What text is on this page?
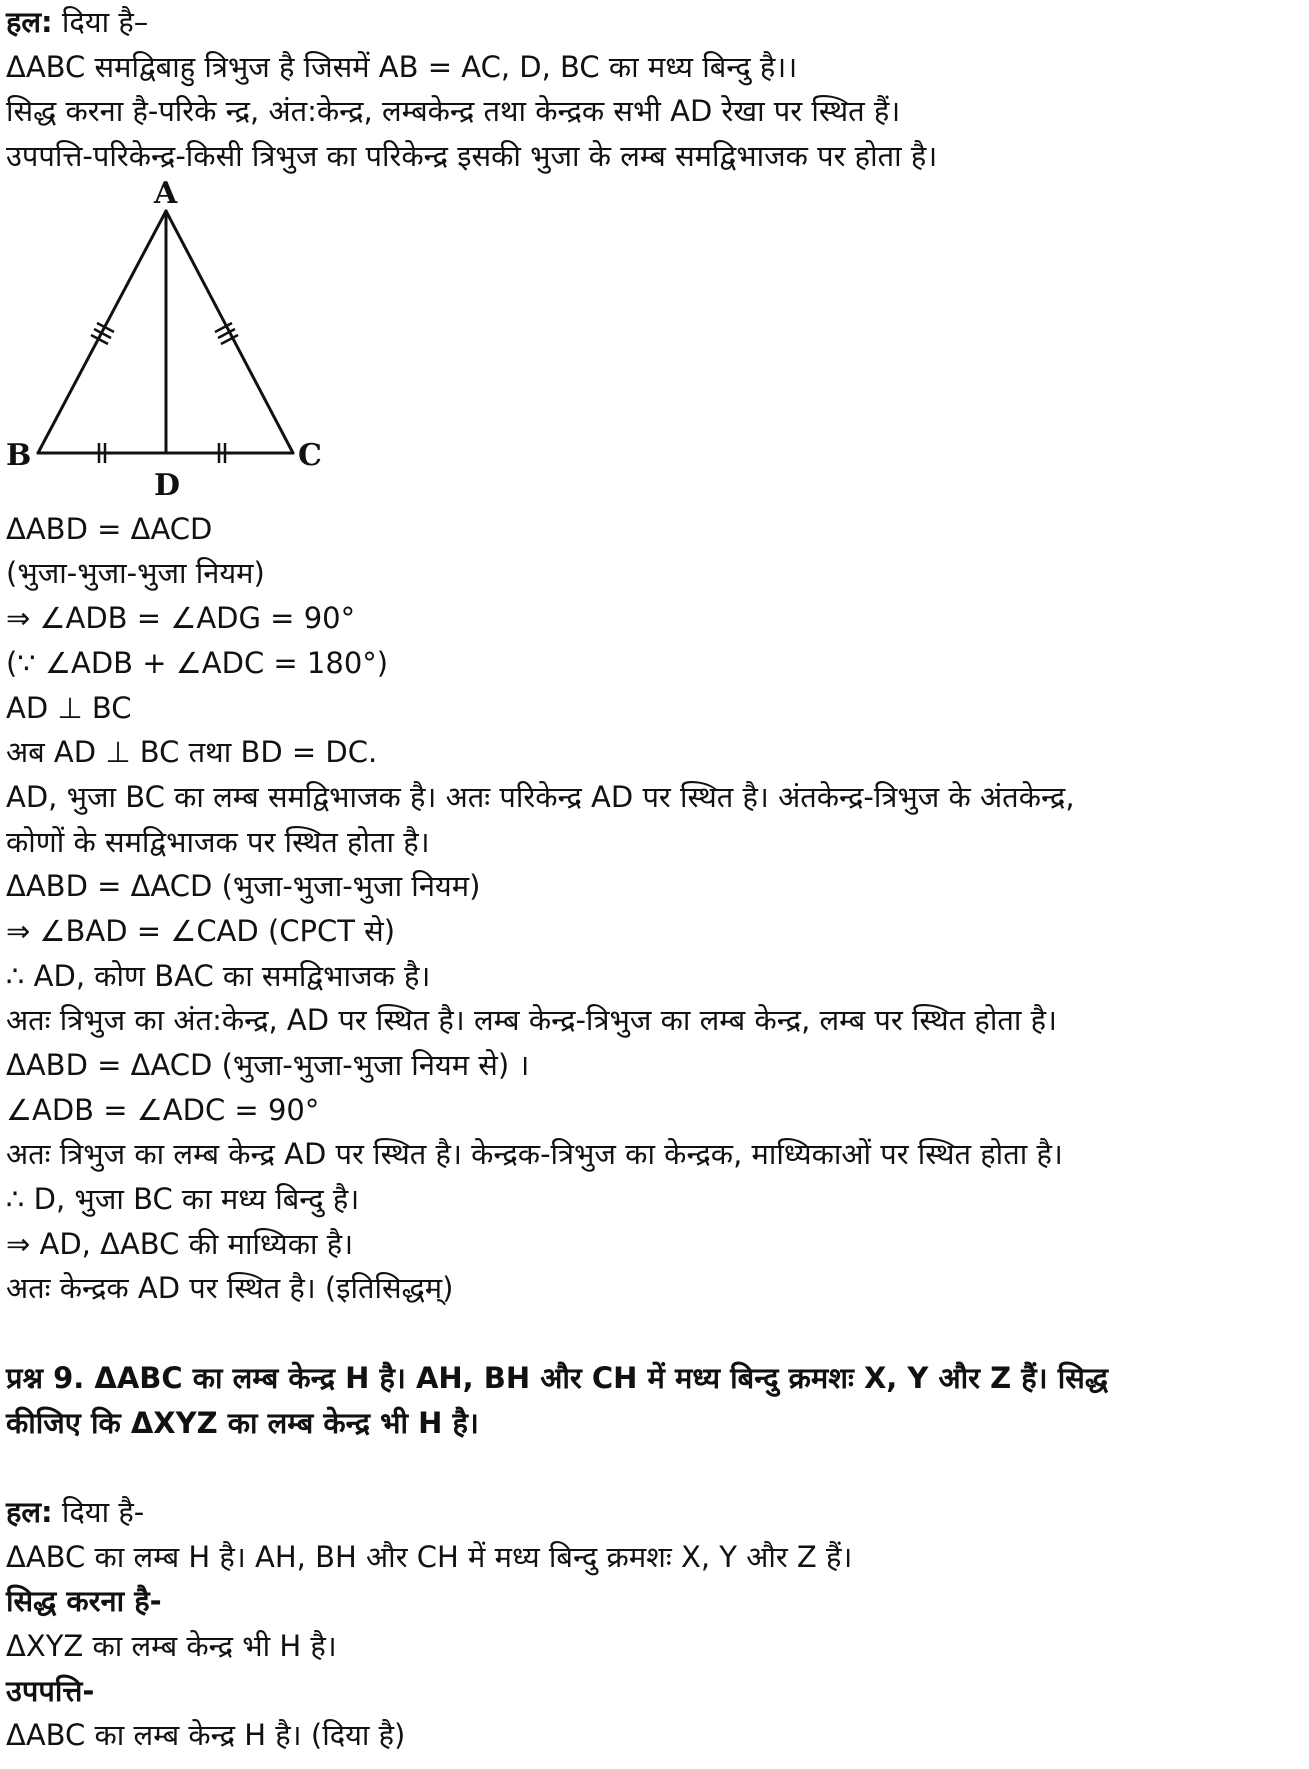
हल: दिया है–
ΔABC समद्विबाहु त्रिभुज है जिसमें AB = AC, D, BC का मध्य बिन्दु है।।
सिद्ध करना है-परिके न्द्र, अंत:केन्द्र, लम्बकेन्द्र तथा केन्द्रक सभी AD रेखा पर स्थित हैं।
उपपत्ति-परिकेन्द्र-किसी त्रिभुज का परिकेन्द्र इसकी भुजा के लम्ब समद्विभाजक पर होता है।
A
B	C
D
ΔABD = ΔACD
(भुजा-भुजा-भुजा नियम)
⇒ ∠ADB = ∠ADG = 90°
(∵ ∠ADB + ∠ADC = 180°)
AD ⊥ BC
अब AD ⊥ BC तथा BD = DC.
AD, भुजा BC का लम्ब समद्विभाजक है। अतः परिकेन्द्र AD पर स्थित है। अंतकेन्द्र-त्रिभुज के अंतकेन्द्र,
कोणों के समद्विभाजक पर स्थित होता है।
ΔABD = ΔACD (भुजा-भुजा-भुजा नियम)
⇒ ∠BAD = ∠CAD (CPCT से)
∴ AD, कोण BAC का समद्विभाजक है।
अतः त्रिभुज का अंत:केन्द्र, AD पर स्थित है। लम्ब केन्द्र-त्रिभुज का लम्ब केन्द्र, लम्ब पर स्थित होता है।
ΔABD = ΔACD (भुजा-भुजा-भुजा नियम से) ।
∠ADB = ∠ADC = 90°
अतः त्रिभुज का लम्ब केन्द्र AD पर स्थित है। केन्द्रक-त्रिभुज का केन्द्रक, माध्यिकाओं पर स्थित होता है।
∴ D, भुजा BC का मध्य बिन्दु है।
⇒ AD, ΔABC की माध्यिका है।
अतः केन्द्रक AD पर स्थित है। (इतिसिद्धम्)
प्रश्न 9. ΔABC का लम्ब केन्द्र H है। AH, BH और CH में मध्य बिन्दु क्रमशः X, Y और Z हैं। सिद्ध
कीजिए कि ΔXYZ का लम्ब केन्द्र भी H है।
हल: दिया है-
ΔABC का लम्ब H है। AH, BH और CH में मध्य बिन्दु क्रमशः X, Y और Z हैं।
सिद्ध करना है-
ΔXYZ का लम्ब केन्द्र भी H है।
उपपत्ति-
ΔABC का लम्ब केन्द्र H है। (दिया है)
